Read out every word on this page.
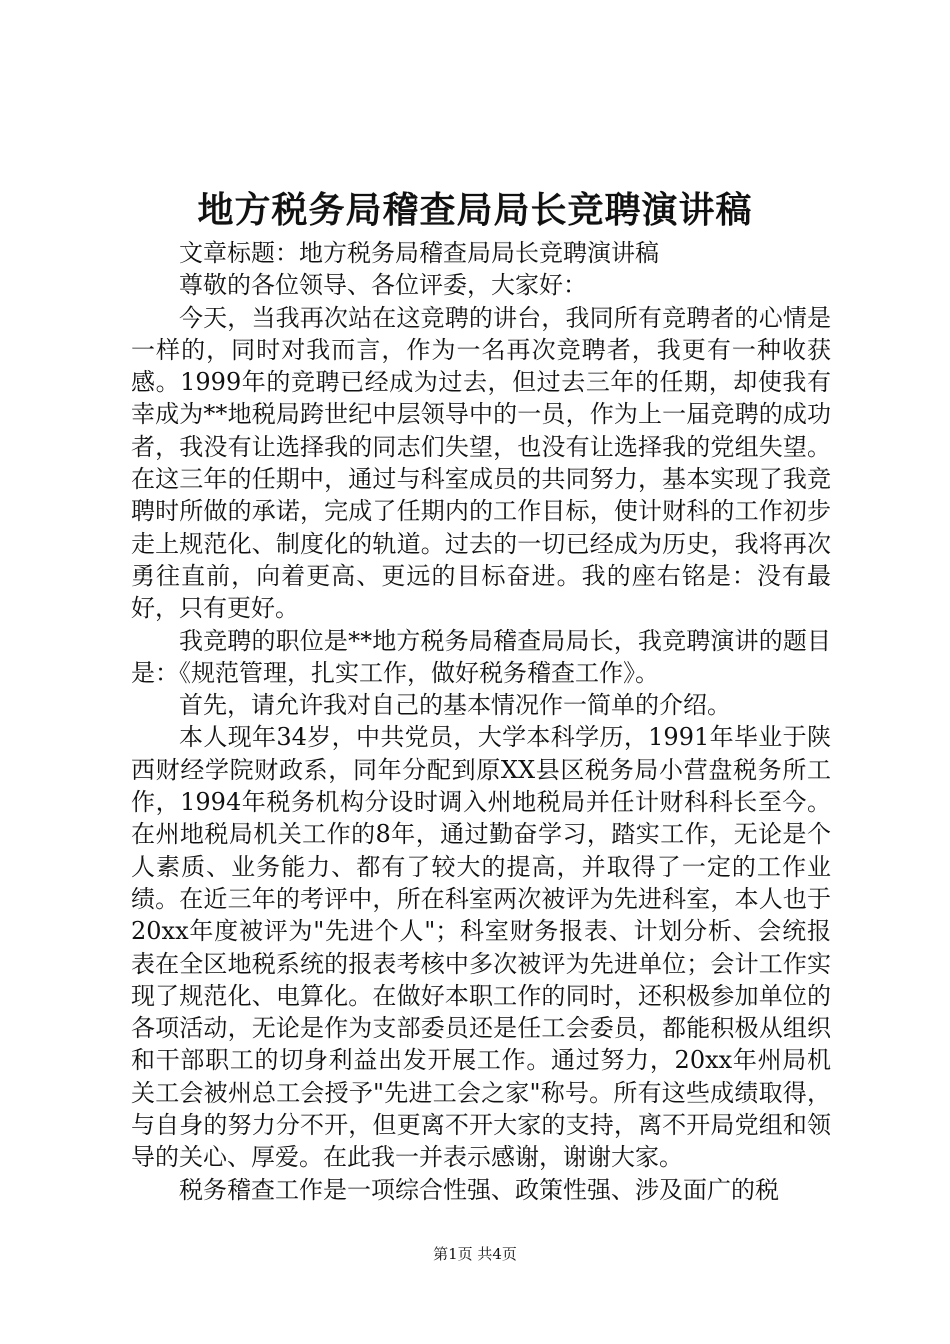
地方税务局稽查局局长竞聘演讲稿

文章标题：地方税务局稽查局局长竞聘演讲稿

尊敬的各位领导、各位评委，大家好：

今天，当我再次站在这竞聘的讲台，我同所有竞聘者的心情是一样的，同时对我而言，作为一名再次竞聘者，我更有一种收获感。1999年的竞聘已经成为过去，但过去三年的任期，却使我有幸成为**地税局跨世纪中层领导中的一员，作为上一届竞聘的成功者，我没有让选择我的同志们失望，也没有让选择我的党组失望。在这三年的任期中，通过与科室成员的共同努力，基本实现了我竞聘时所做的承诺，完成了任期内的工作目标，使计财科的工作初步走上规范化、制度化的轨道。过去的一切已经成为历史，我将再次勇往直前，向着更高、更远的目标奋进。我的座右铭是：没有最好，只有更好。

我竞聘的职位是**地方税务局稽查局局长，我竞聘演讲的题目是：《规范管理，扎实工作，做好税务稽查工作》。

首先，请允许我对自己的基本情况作一简单的介绍。

本人现年34岁，中共党员，大学本科学历，1991年毕业于陕西财经学院财政系，同年分配到原XX县区税务局小营盘税务所工作，1994年税务机构分设时调入州地税局并任计财科科长至今。在州地税局机关工作的8年，通过勤奋学习，踏实工作，无论是个人素质、业务能力、都有了较大的提高，并取得了一定的工作业绩。在近三年的考评中，所在科室两次被评为先进科室，本人也于20xx年度被评为"先进个人"；科室财务报表、计划分析、会统报表在全区地税系统的报表考核中多次被评为先进单位；会计工作实现了规范化、电算化。在做好本职工作的同时，还积极参加单位的各项活动，无论是作为支部委员还是任工会委员，都能积极从组织和干部职工的切身利益出发开展工作。通过努力，20xx年州局机关工会被州总工会授予"先进工会之家"称号。所有这些成绩取得，与自身的努力分不开，但更离不开大家的支持，离不开局党组和领导的关心、厚爱。在此我一并表示感谢，谢谢大家。

税务稽查工作是一项综合性强、政策性强、涉及面广的税

第1页 共4页
